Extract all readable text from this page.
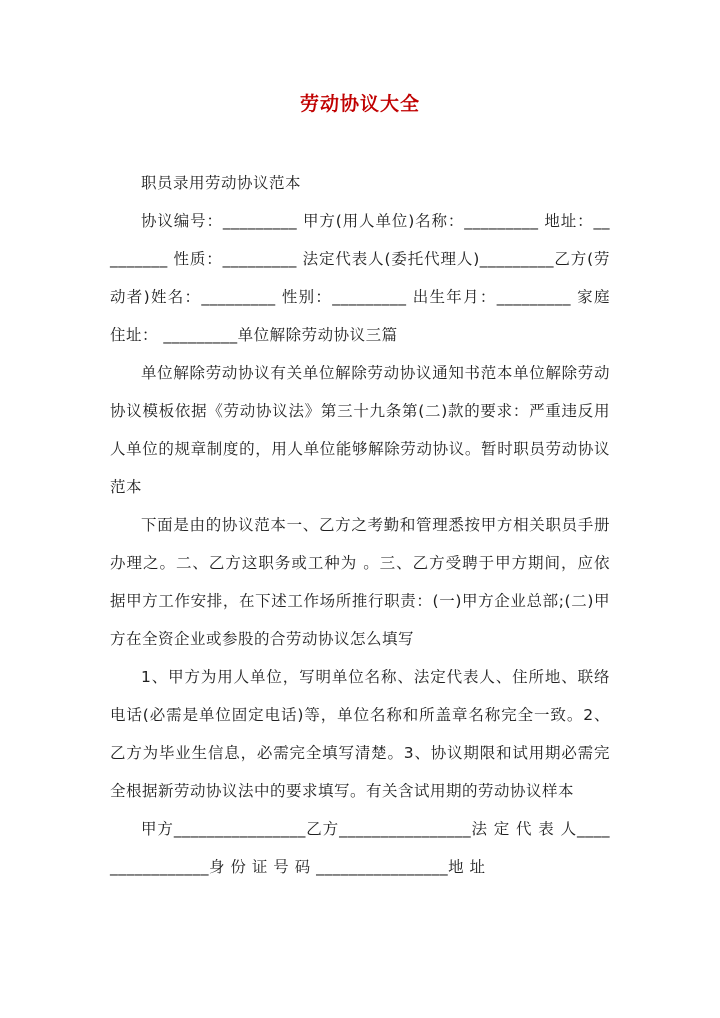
劳动协议大全

职员录用劳动协议范本

协议编号：_________ 甲方(用人单位)名称：_________ 地址：_________ 性质：_________ 法定代表人(委托代理人)_________乙方(劳动者)姓名：_________ 性别：_________ 出生年月：_________ 家庭住址： _________单位解除劳动协议三篇

单位解除劳动协议有关单位解除劳动协议通知书范本单位解除劳动协议模板依据《劳动协议法》第三十九条第(二)款的要求：严重违反用人单位的规章制度的，用人单位能够解除劳动协议。暂时职员劳动协议范本

下面是由的协议范本一、乙方之考勤和管理悉按甲方相关职员手册办理之。二、乙方这职务或工种为 。三、乙方受聘于甲方期间，应依据甲方工作安排，在下述工作场所推行职责：(一)甲方企业总部;(二)甲方在全资企业或参股的合劳动协议怎么填写

1、甲方为用人单位，写明单位名称、法定代表人、住所地、联络电话(必需是单位固定电话)等，单位名称和所盖章名称完全一致。2、乙方为毕业生信息，必需完全填写清楚。3、协议期限和试用期必需完全根据新劳动协议法中的要求填写。有关含试用期的劳动协议样本

甲方________________乙方________________法 定 代 表 人________________身 份 证 号 码 ________________地 址
